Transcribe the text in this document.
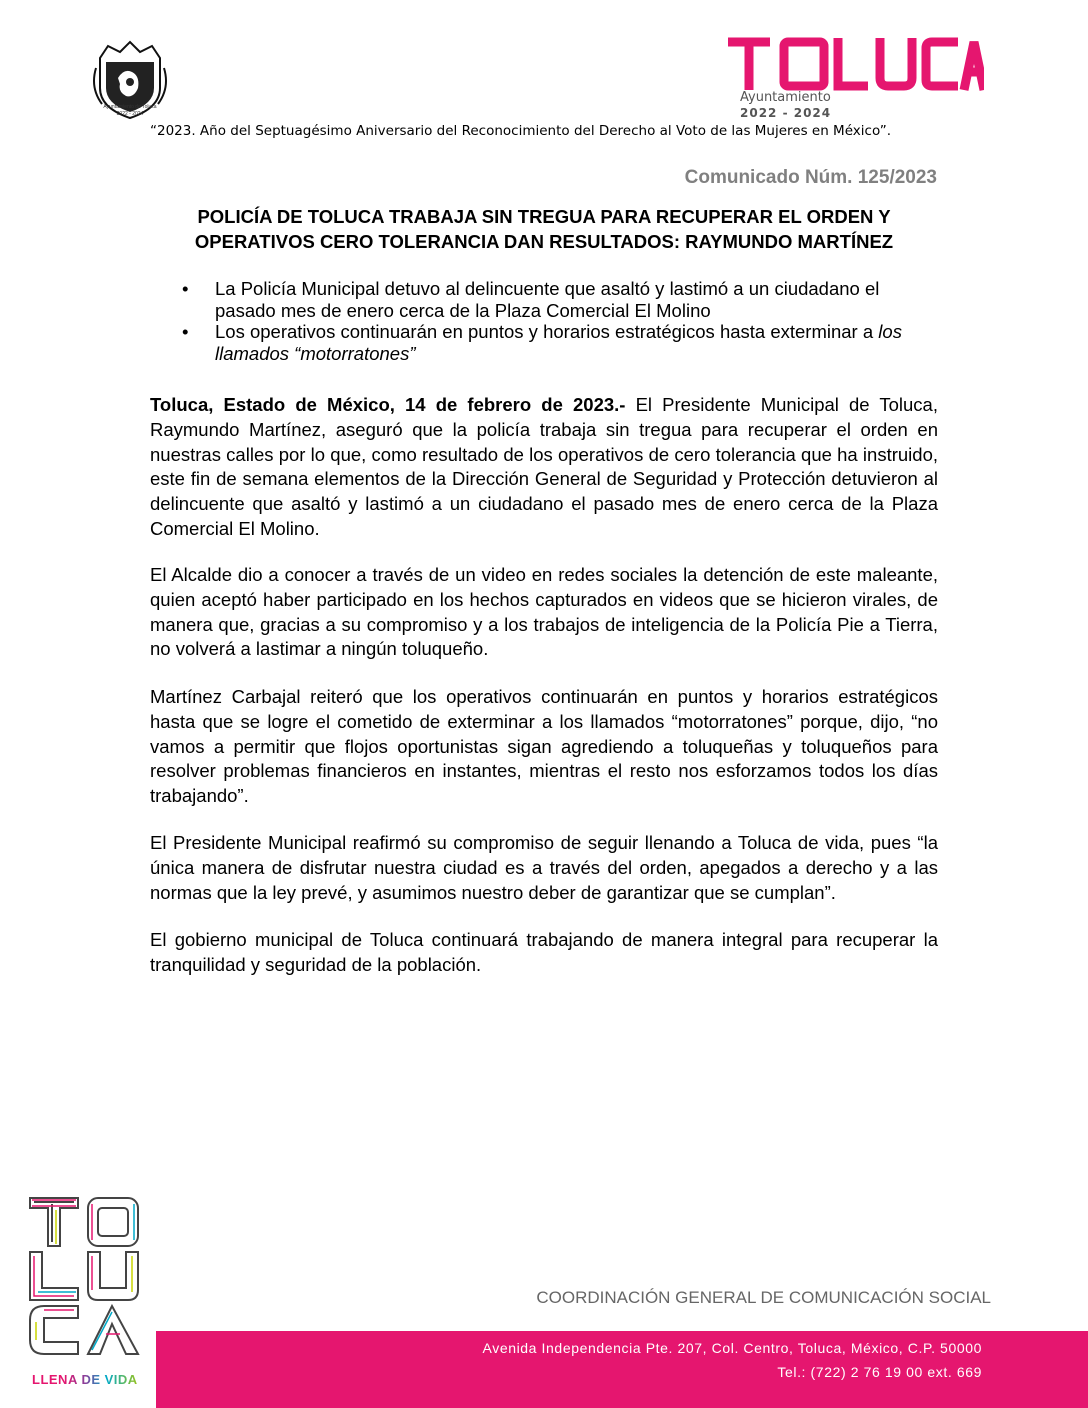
Ayuntamiento de Toluca
2022 - 2024
TOLUCA
Ayuntamiento
2022 - 2024
“2023. Año del Septuagésimo Aniversario del Reconocimiento del Derecho al Voto de las Mujeres en México”.
Comunicado Núm. 125/2023
POLICÍA DE TOLUCA TRABAJA SIN TREGUA PARA RECUPERAR EL ORDEN Y
OPERATIVOS CERO TOLERANCIA DAN RESULTADOS: RAYMUNDO MARTÍNEZ
• La Policía Municipal detuvo al delincuente que asaltó y lastimó a un ciudadano el pasado mes de enero cerca de la Plaza Comercial El Molino
• Los operativos continuarán en puntos y horarios estratégicos hasta exterminar a los llamados “motorratones”

Toluca, Estado de México, 14 de febrero de 2023.- El Presidente Municipal de Toluca, Raymundo Martínez, aseguró que la policía trabaja sin tregua para recuperar el orden en nuestras calles por lo que, como resultado de los operativos de cero tolerancia que ha instruido, este fin de semana elementos de la Dirección General de Seguridad y Protección detuvieron al delincuente que asaltó y lastimó a un ciudadano el pasado mes de enero cerca de la Plaza Comercial El Molino.

El Alcalde dio a conocer a través de un video en redes sociales la detención de este maleante, quien aceptó haber participado en los hechos capturados en videos que se hicieron virales, de manera que, gracias a su compromiso y a los trabajos de inteligencia de la Policía Pie a Tierra, no volverá a lastimar a ningún toluqueño.

Martínez Carbajal reiteró que los operativos continuarán en puntos y horarios estratégicos hasta que se logre el cometido de exterminar a los llamados “motorratones” porque, dijo, “no vamos a permitir que flojos oportunistas sigan agrediendo a toluqueñas y toluqueños para resolver problemas financieros en instantes, mientras el resto nos esforzamos todos los días trabajando”.

El Presidente Municipal reafirmó su compromiso de seguir llenando a Toluca de vida, pues “la única manera de disfrutar nuestra ciudad es a través del orden, apegados a derecho y a las normas que la ley prevé, y asumimos nuestro deber de garantizar que se cumplan”.

El gobierno municipal de Toluca continuará trabajando de manera integral para recuperar la tranquilidad y seguridad de la población.

LLENA DE VIDA
COORDINACIÓN GENERAL DE COMUNICACIÓN SOCIAL
Avenida Independencia Pte. 207, Col. Centro, Toluca, México, C.P. 50000
Tel.: (722) 2 76 19 00 ext. 669
